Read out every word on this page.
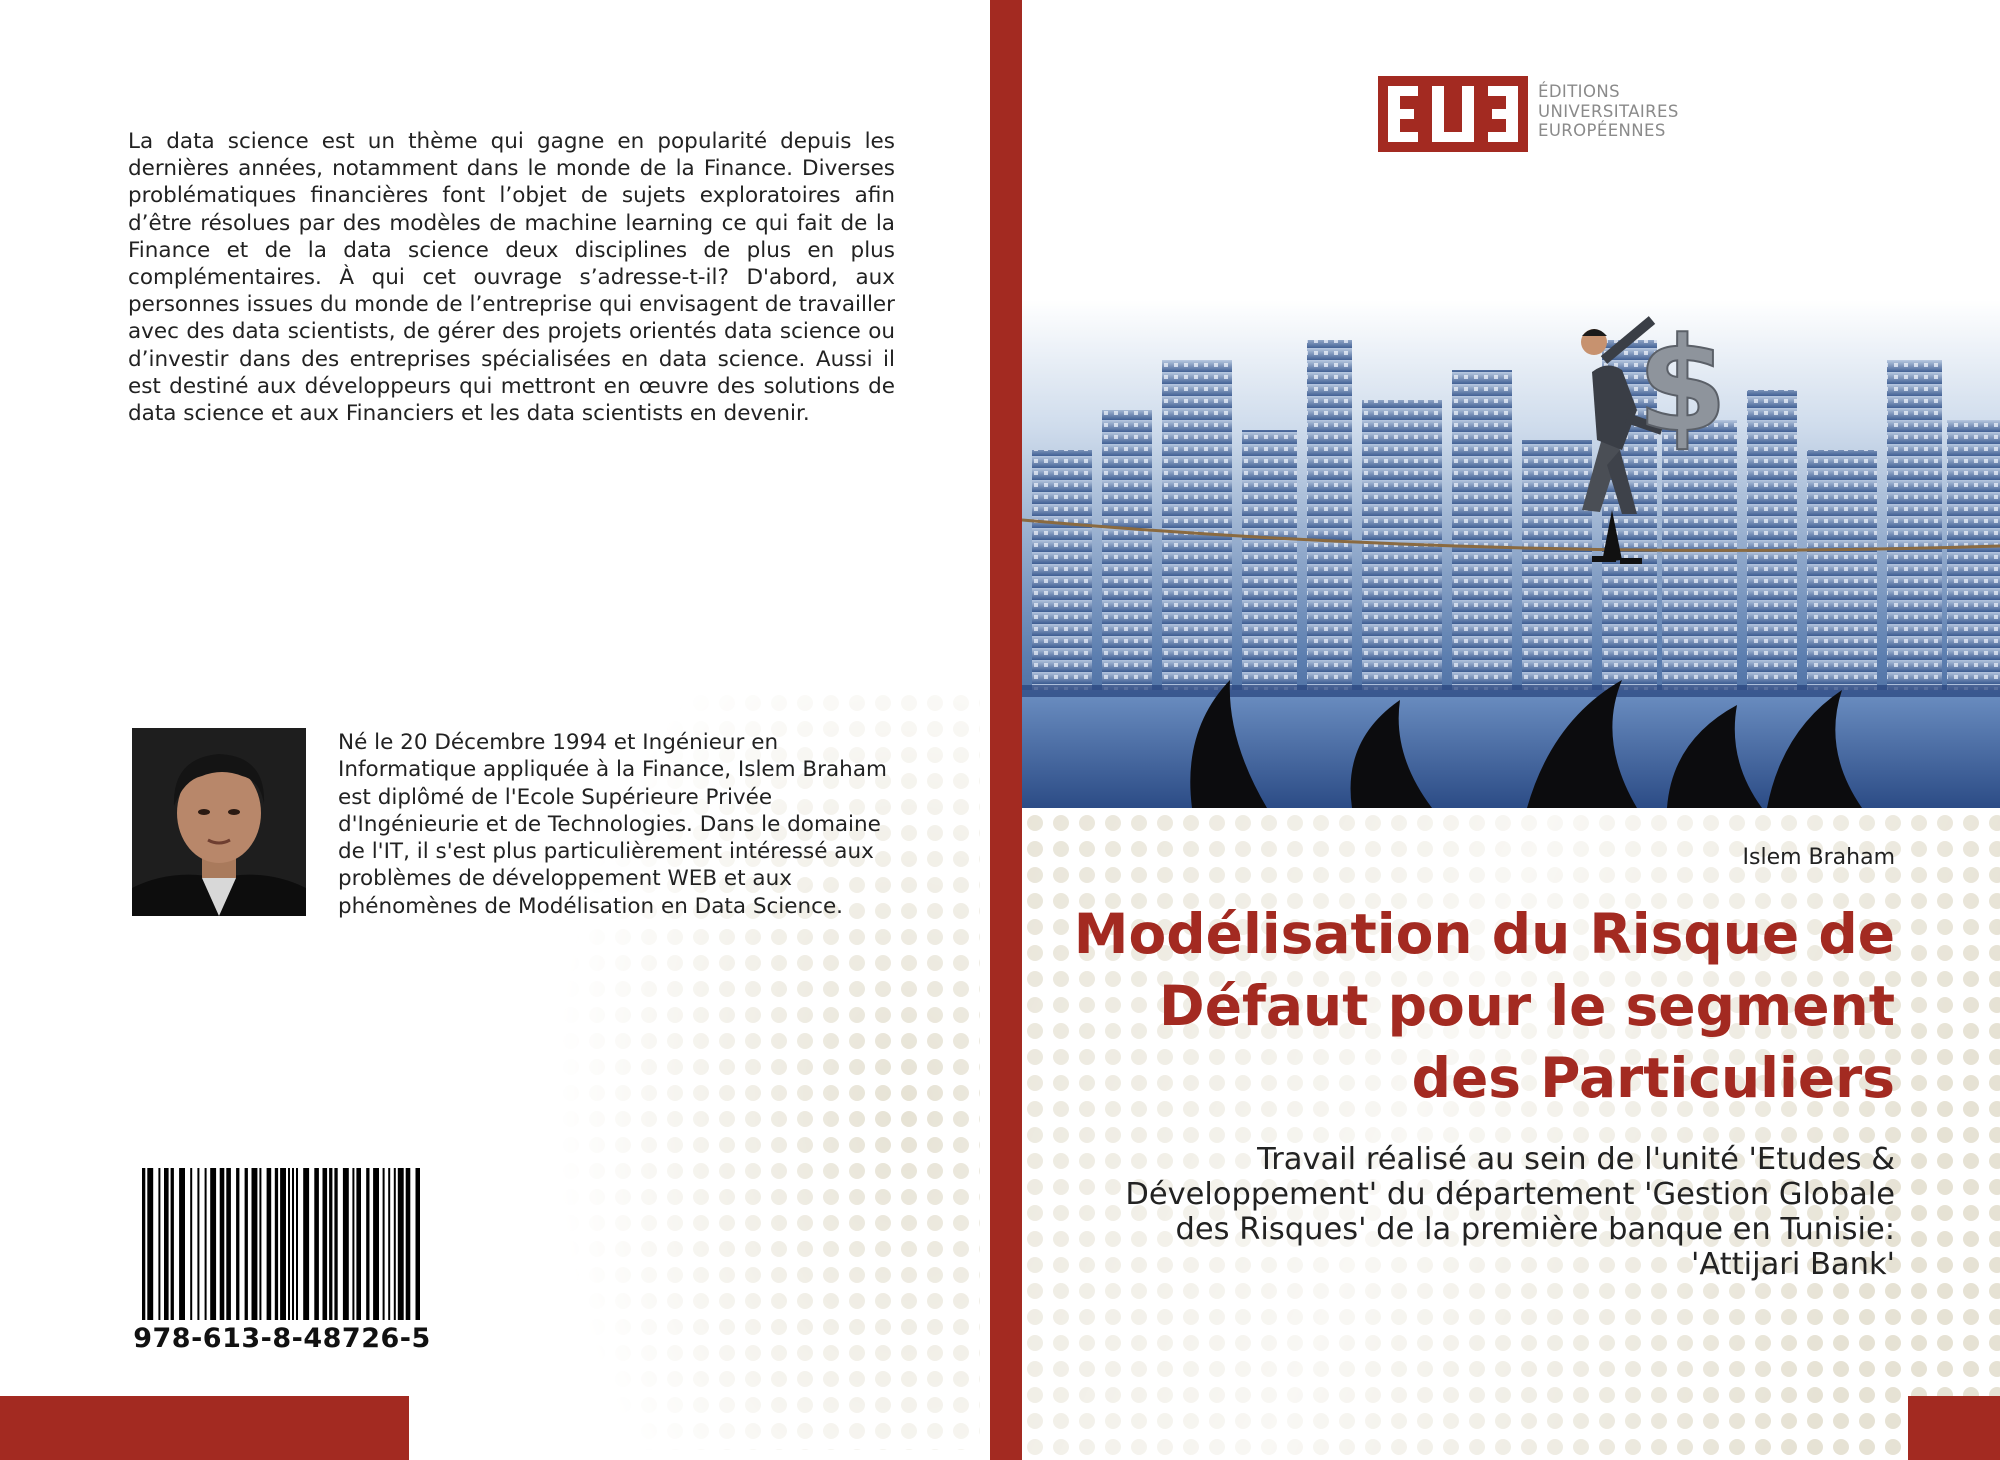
La data science est un thème qui gagne en popularité depuis les dernières années, notamment dans le monde de la Finance. Diverses problématiques financières font l’objet de sujets exploratoires afin d’être résolues par des modèles de machine learning ce qui fait de la Finance et de la data science deux disciplines de plus en plus complémentaires. À qui cet ouvrage s’adresse-t-il? D'abord, aux personnes issues du monde de l’entreprise qui envisagent de travailler avec des data scientists, de gérer des projets orientés data science ou d’investir dans des entreprises spécialisées en data science. Aussi il est destiné aux développeurs qui mettront en œuvre des solutions de data science et aux Financiers et les data scientists en devenir.

Né le 20 Décembre 1994 et Ingénieur en Informatique appliquée à la Finance, Islem Braham est diplômé de l'Ecole Supérieure Privée d'Ingénieurie et de Technologies. Dans le domaine de l'IT, il s'est plus particulièrement intéressé aux problèmes de développement WEB et aux phénomènes de Modélisation en Data Science.

978-613-8-48726-5
ÉDITIONS
UNIVERSITAIRES
EUROPÉENNES
$
Islem Braham
Modélisation du Risque de Défaut pour le segment des Particuliers

Travail réalisé au sein de l'unité 'Etudes & Développement' du département 'Gestion Globale des Risques' de la première banque en Tunisie: 'Attijari Bank'
